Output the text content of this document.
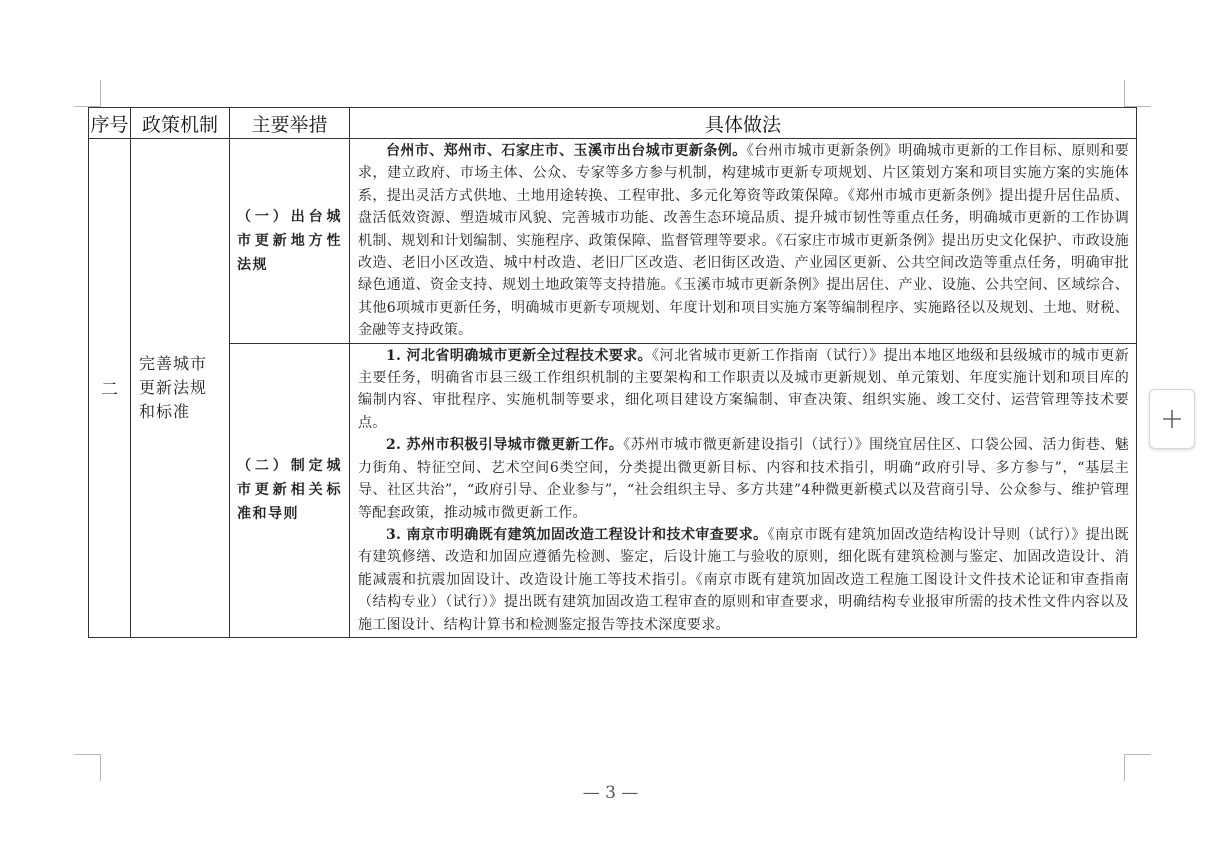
序号	政策机制	主要举措	具体做法
二	完善城市更新法规和标准	（一）出台城市更新地方性法规	台州市、郑州市、石家庄市、玉溪市出台城市更新条例。《台州市城市更新条例》明确城市更新的工作目标、原则和要求，建立政府、市场主体、公众、专家等多方参与机制，构建城市更新专项规划、片区策划方案和项目实施方案的实施体系，提出灵活方式供地、土地用途转换、工程审批、多元化筹资等政策保障。《郑州市城市更新条例》提出提升居住品质、盘活低效资源、塑造城市风貌、完善城市功能、改善生态环境品质、提升城市韧性等重点任务，明确城市更新的工作协调机制、规划和计划编制、实施程序、政策保障、监督管理等要求。《石家庄市城市更新条例》提出历史文化保护、市政设施改造、老旧小区改造、城中村改造、老旧厂区改造、老旧街区改造、产业园区更新、公共空间改造等重点任务，明确审批绿色通道、资金支持、规划土地政策等支持措施。《玉溪市城市更新条例》提出居住、产业、设施、公共空间、区域综合、其他6项城市更新任务，明确城市更新专项规划、年度计划和项目实施方案等编制程序、实施路径以及规划、土地、财税、金融等支持政策。

		（二）制定城市更新相关标准和导则	1. 河北省明确城市更新全过程技术要求。《河北省城市更新工作指南（试行）》提出本地区地级和县级城市的城市更新主要任务，明确省市县三级工作组织机制的主要架构和工作职责以及城市更新规划、单元策划、年度实施计划和项目库的编制内容、审批程序、实施机制等要求，细化项目建设方案编制、审查决策、组织实施、竣工交付、运营管理等技术要点。
2. 苏州市积极引导城市微更新工作。《苏州市城市微更新建设指引（试行）》围绕宜居住区、口袋公园、活力街巷、魅力街角、特征空间、艺术空间6类空间，分类提出微更新目标、内容和技术指引，明确“政府引导、多方参与”，“基层主导、社区共治”，“政府引导、企业参与”，“社会组织主导、多方共建”4种微更新模式以及营商引导、公众参与、维护管理等配套政策，推动城市微更新工作。
3. 南京市明确既有建筑加固改造工程设计和技术审查要求。《南京市既有建筑加固改造结构设计导则（试行）》提出既有建筑修缮、改造和加固应遵循先检测、鉴定，后设计施工与验收的原则，细化既有建筑检测与鉴定、加固改造设计、消能减震和抗震加固设计、改造设计施工等技术指引。《南京市既有建筑加固改造工程施工图设计文件技术论证和审查指南（结构专业）（试行）》提出既有建筑加固改造工程审查的原则和审查要求，明确结构专业报审所需的技术性文件内容以及施工图设计、结构计算书和检测鉴定报告等技术深度要求。
— 3 —
